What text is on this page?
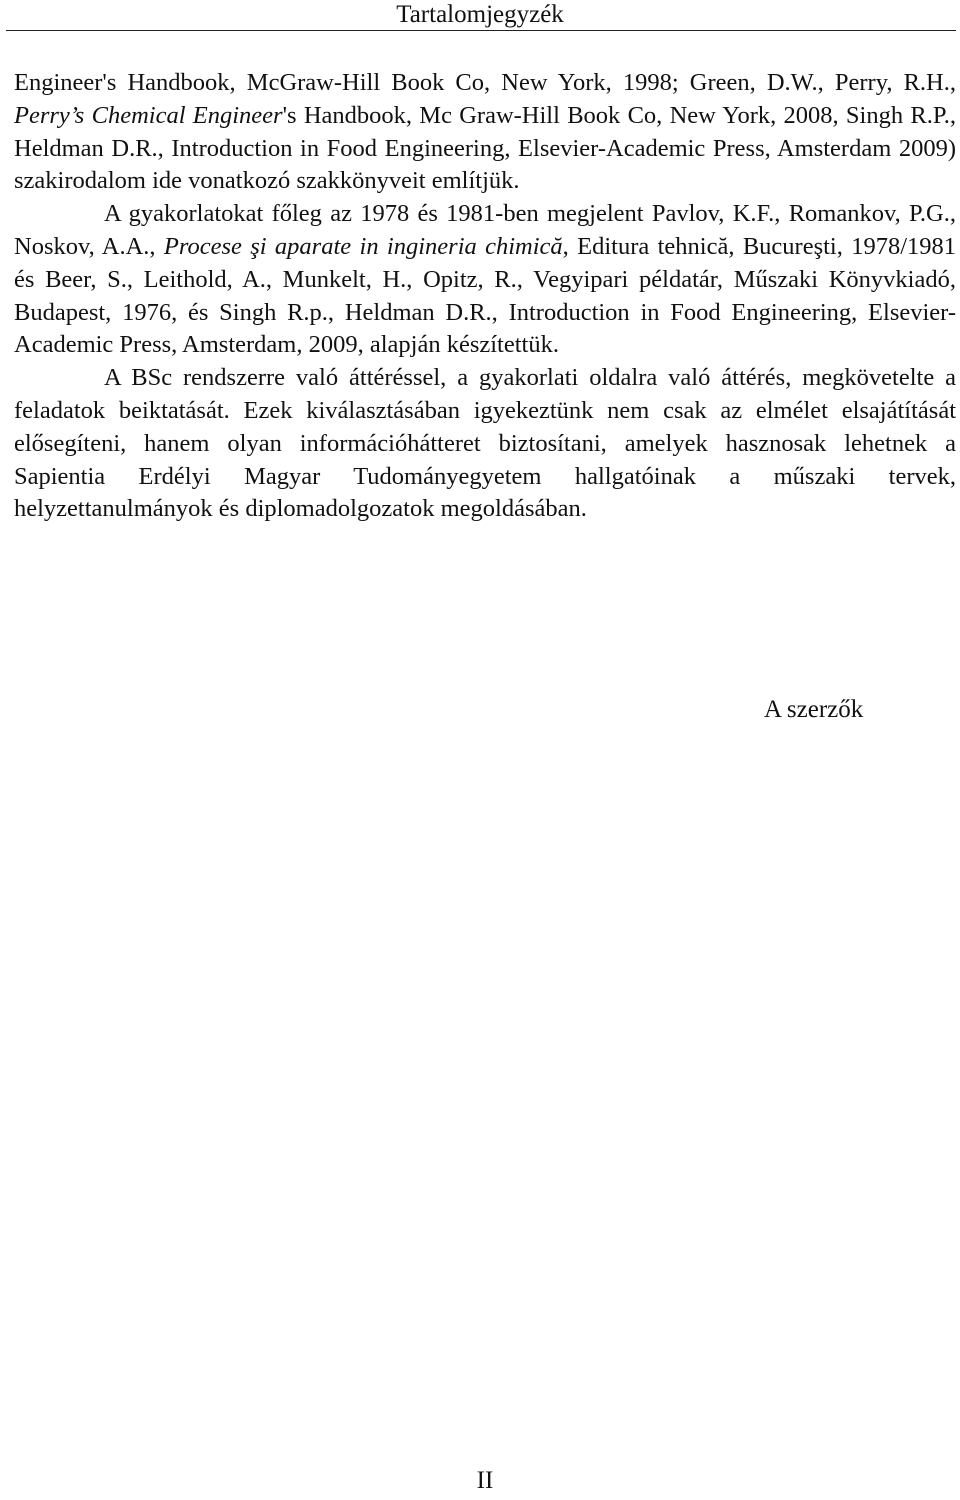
Tartalomjegyzék

Engineer's Handbook, McGraw-Hill Book Co, New York, 1998; Green, D.W., Perry, R.H., Perry’s Chemical Engineer's Handbook, Mc Graw-Hill Book Co, New York, 2008, Singh R.P., Heldman D.R., Introduction in Food Engineering, Elsevier-Academic Press, Amsterdam 2009) szakirodalom ide vonatkozó szakkönyveit említjük.

A gyakorlatokat főleg az 1978 és 1981-ben megjelent Pavlov, K.F., Romankov, P.G., Noskov, A.A., Procese şi aparate in ingineria chimică, Editura tehnică, Bucureşti, 1978/1981 és Beer, S., Leithold, A., Munkelt, H., Opitz, R., Vegyipari példatár, Műszaki Könyvkiadó, Budapest, 1976, és Singh R.p., Heldman D.R., Introduction in Food Engineering, Elsevier-Academic Press, Amsterdam, 2009, alapján készítettük.

A BSc rendszerre való áttéréssel, a gyakorlati oldalra való áttérés, megkövetelte a feladatok beiktatását. Ezek kiválasztásában igyekeztünk nem csak az elmélet elsajátítását elősegíteni, hanem olyan információhátteret biztosítani, amelyek hasznosak lehetnek a Sapientia Erdélyi Magyar Tudományegyetem hallgatóinak a műszaki tervek, helyzettanulmányok és diplomadolgozatok megoldásában.

A szerzők
II
